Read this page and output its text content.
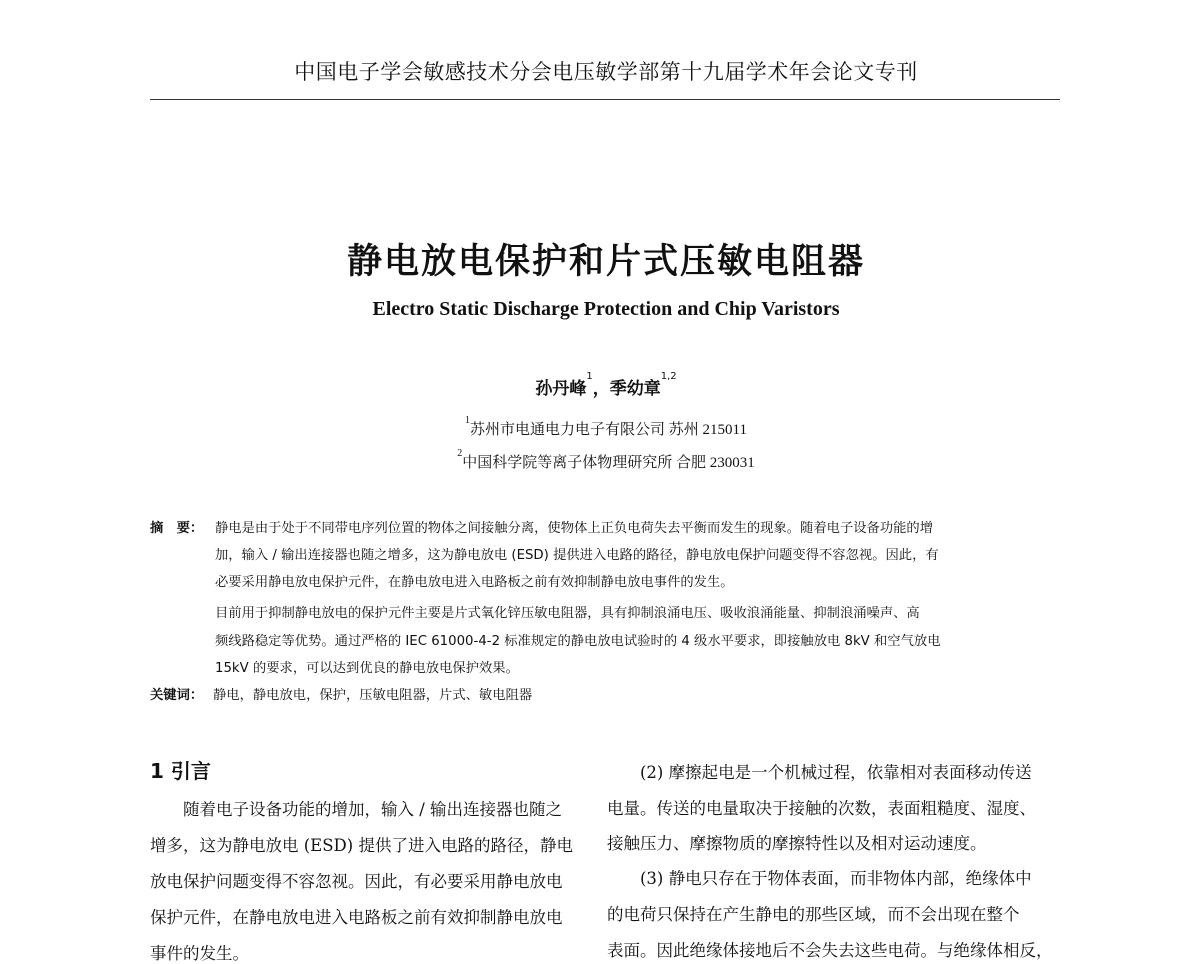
中国电子学会敏感技术分会电压敏学部第十九届学术年会论文专刊
静电放电保护和片式压敏电阻器
Electro Static Discharge Protection and Chip Varistors
孙丹峰$^1$，季幼章$^{1,2}$
$^1$苏州市电通电力电子有限公司 苏州 215011
$^2$中国科学院等离子体物理研究所 合肥 230031
摘　要： 静电是由于处于不同带电序列位置的物体之间接触分离，使物体上正负电荷失去平衡而发生的现象。随着电子设备功能的增
加，输入 / 输出连接器也随之增多，这为静电放电 (ESD) 提供进入电路的路径，静电放电保护问题变得不容忽视。因此，有
必要采用静电放电保护元件，在静电放电进入电路板之前有效抑制静电放电事件的发生。
目前用于抑制静电放电的保护元件主要是片式氧化锌压敏电阻器，具有抑制浪涌电压、吸收浪涌能量、抑制浪涌噪声、高
频线路稳定等优势。通过严格的 IEC 61000-4-2 标准规定的静电放电试验时的 4 级水平要求，即接触放电 8kV 和空气放电
15kV 的要求，可以达到优良的静电放电保护效果。
关键词： 静电，静电放电，保护，压敏电阻器，片式、敏电阻器
1 引言
随着电子设备功能的增加，输入 / 输出连接器也随之
增多，这为静电放电 (ESD) 提供了进入电路的路径，静电
放电保护问题变得不容忽视。因此，有必要采用静电放电
保护元件，在静电放电进入电路板之前有效抑制静电放电
事件的发生。
(2) 摩擦起电是一个机械过程，依靠相对表面移动传送
电量。传送的电量取决于接触的次数，表面粗糙度、湿度、
接触压力、摩擦物质的摩擦特性以及相对运动速度。
(3) 静电只存在于物体表面，而非物体内部，绝缘体中
的电荷只保持在产生静电的那些区域，而不会出现在整个
表面。因此绝缘体接地后不会失去这些电荷。与绝缘体相反，
